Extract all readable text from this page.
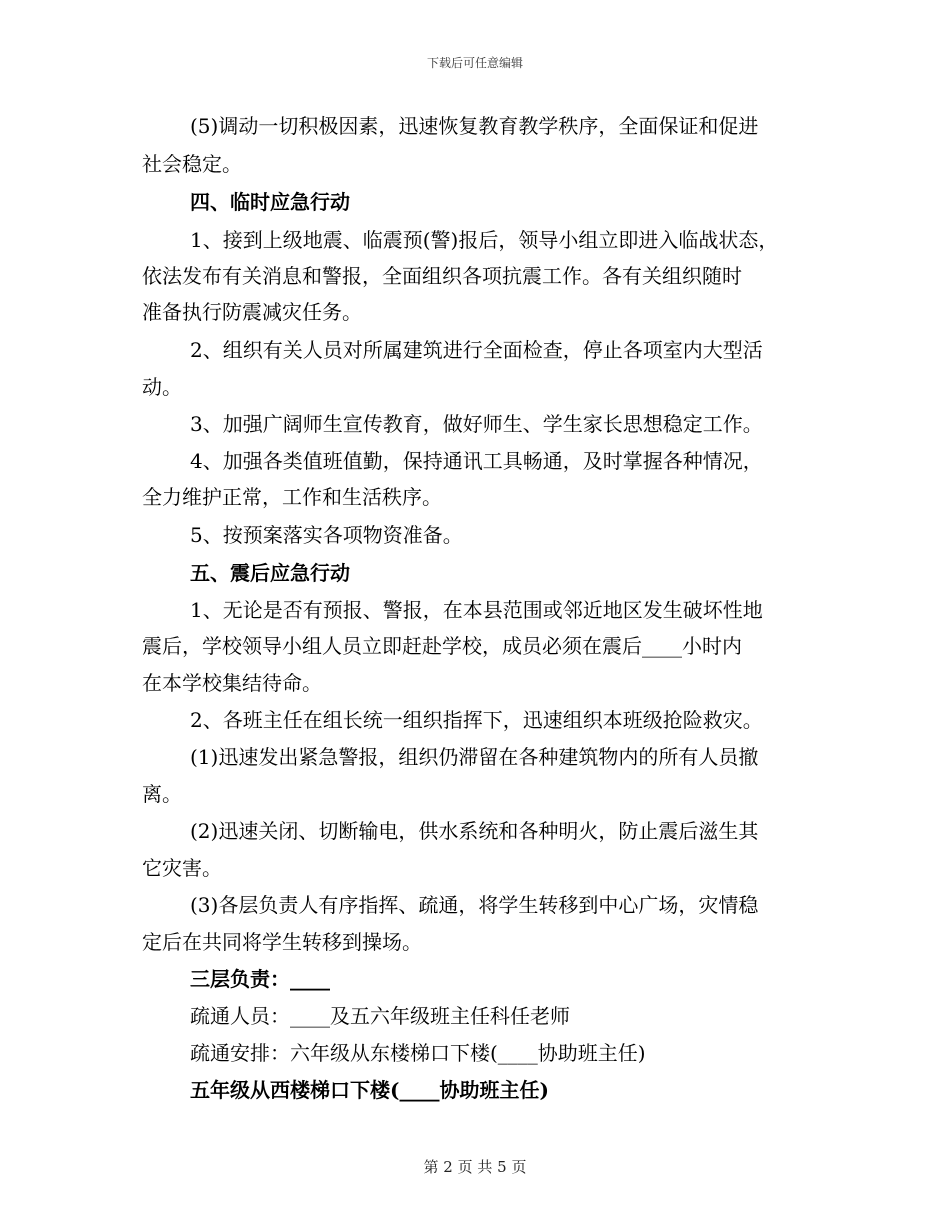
下载后可任意编辑
(5)调动一切积极因素，迅速恢复教育教学秩序，全面保证和促进
社会稳定。
四、临时应急行动
1、接到上级地震、临震预(警)报后，领导小组立即进入临战状态，
依法发布有关消息和警报，全面组织各项抗震工作。各有关组织随时
准备执行防震减灾任务。
2、组织有关人员对所属建筑进行全面检查，停止各项室内大型活
动。
3、加强广阔师生宣传教育，做好师生、学生家长思想稳定工作。
4、加强各类值班值勤，保持通讯工具畅通，及时掌握各种情况，
全力维护正常，工作和生活秩序。
5、按预案落实各项物资准备。
五、震后应急行动
1、无论是否有预报、警报，在本县范围或邻近地区发生破坏性地
震后，学校领导小组人员立即赶赴学校，成员必须在震后____小时内
在本学校集结待命。
2、各班主任在组长统一组织指挥下，迅速组织本班级抢险救灾。
(1)迅速发出紧急警报，组织仍滞留在各种建筑物内的所有人员撤
离。
(2)迅速关闭、切断输电，供水系统和各种明火，防止震后滋生其
它灾害。
(3)各层负责人有序指挥、疏通，将学生转移到中心广场，灾情稳
定后在共同将学生转移到操场。
三层负责：____
疏通人员：____及五六年级班主任科任老师
疏通安排：六年级从东楼梯口下楼(____协助班主任)
五年级从西楼梯口下楼(____协助班主任)
第 2 页 共 5 页
